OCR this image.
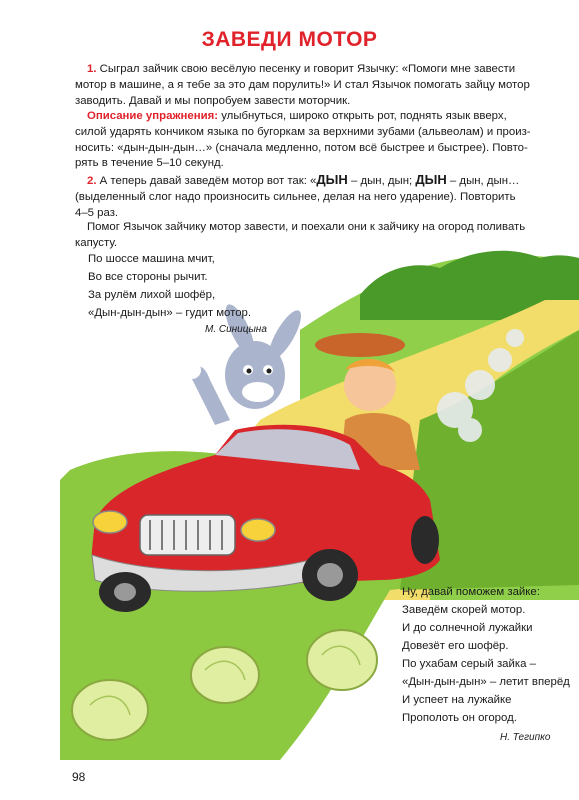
ЗАВЕДИ МОТОР

1. Сыграл зайчик свою весёлую песенку и говорит Язычку: «Помоги мне завести

мотор в машине, а я тебе за это дам порулить!» И стал Язычок помогать зайцу мотор

заводить. Давай и мы попробуем завести моторчик.

Описание упражнения: улыбнуться, широко открыть рот, поднять язык вверх,

силой ударять кончиком языка по бугоркам за верхними зубами (альвеолам) и произ-

носить: «дын-дын-дын…» (сначала медленно, потом всё быстрее и быстрее). Повто-

рять в течение 5–10 секунд.

2. А теперь давай заведём мотор вот так: «ДЫН – дын, дын; ДЫН – дын, дын…

(выделенный слог надо произносить сильнее, делая на него ударение). Повторить

4–5 раз.

Помог Язычок зайчику мотор завести, и поехали они к зайчику на огород поливать

капусту.

По шоссе машина мчит,
Во все стороны рычит.
За рулём лихой шофёр,
«Дын-дын-дын» – гудит мотор.
М. Синицына
Ну, давай поможем зайке:
Заведём скорей мотор.
И до солнечной лужайки
Довезёт его шофёр.
По ухабам серый зайка –
«Дын-дын-дын» – летит вперёд
И успеет на лужайке
Прополоть он огород.
Н. Тегипко
98
